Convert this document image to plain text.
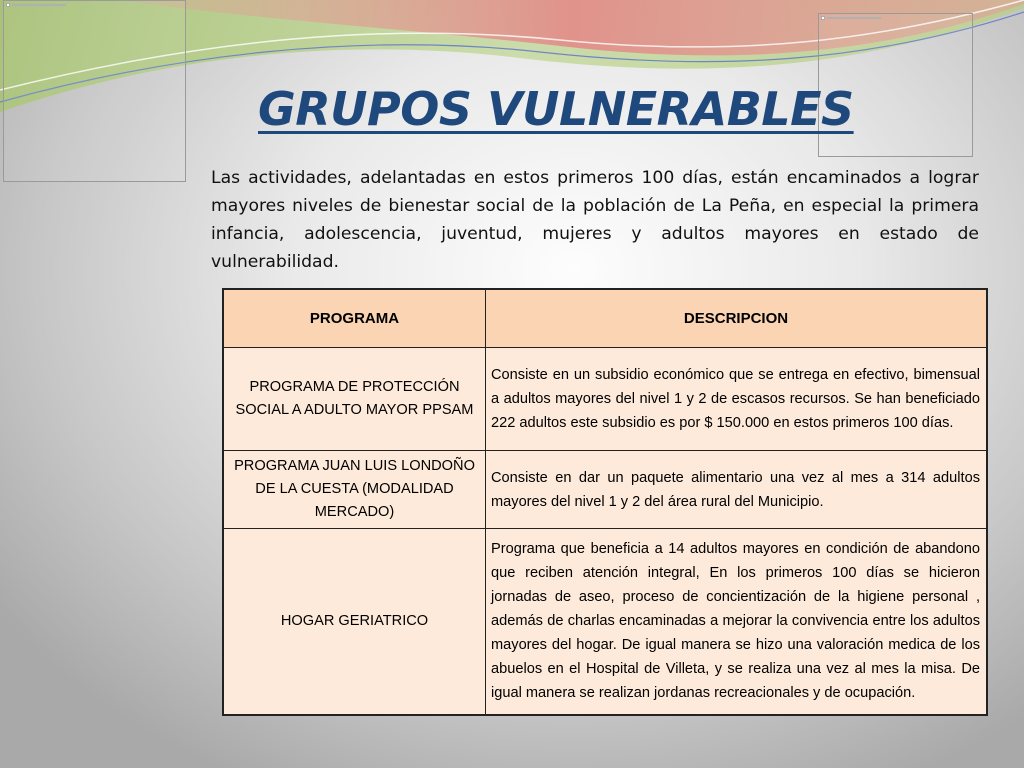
GRUPOS VULNERABLES

Las actividades, adelantadas en estos primeros 100 días, están encaminados a lograr mayores niveles de bienestar social de la población de La Peña, en especial la primera infancia, adolescencia, juventud, mujeres y adultos mayores en estado de vulnerabilidad.

PROGRAMA	DESCRIPCION
PROGRAMA DE PROTECCIÓN SOCIAL A ADULTO MAYOR PPSAM	Consiste en un subsidio económico que se entrega en efectivo, bimensual a adultos mayores del nivel 1 y 2 de escasos recursos. Se han beneficiado 222 adultos este subsidio es por $ 150.000 en estos primeros 100 días.
PROGRAMA JUAN LUIS LONDOÑO DE LA CUESTA (MODALIDAD MERCADO)	Consiste en dar un paquete alimentario una vez al mes a 314 adultos mayores del nivel 1 y 2 del área rural del Municipio.
HOGAR GERIATRICO	Programa que beneficia a 14 adultos mayores en condición de abandono que reciben atención integral, En los primeros 100 días se hicieron jornadas de aseo, proceso de concientización de la higiene personal , además de charlas encaminadas a mejorar la convivencia entre los adultos mayores del hogar. De igual manera se hizo una valoración medica de los abuelos en el Hospital de Villeta, y se realiza una vez al mes la misa. De igual manera se realizan jordanas recreacionales y de ocupación.
